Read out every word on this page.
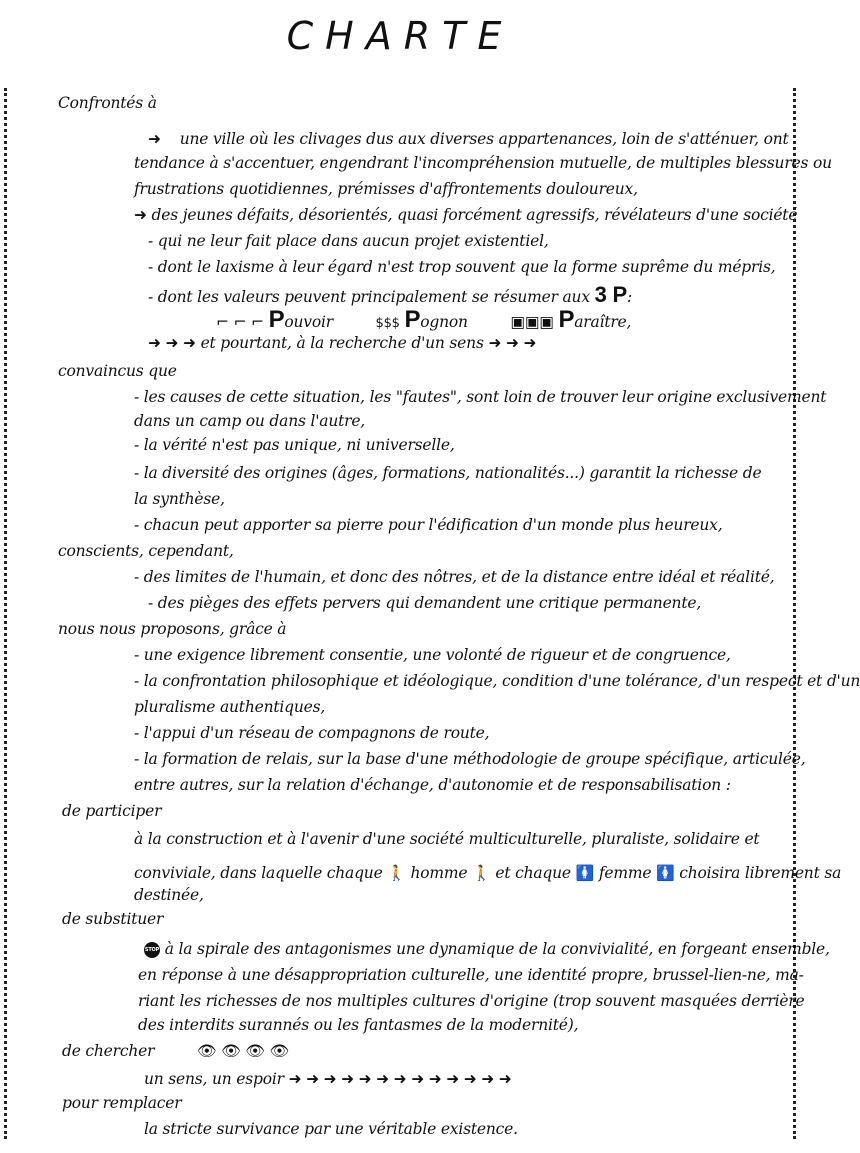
CHARTE
Confrontés à
➜ une ville où les clivages dus aux diverses appartenances, loin de s'atténuer, ont
tendance à s'accentuer, engendrant l'incompréhension mutuelle, de multiples blessures ou
frustrations quotidiennes, prémisses d'affrontements douloureux,
➜ des jeunes défaits, désorientés, quasi forcément agressifs, révélateurs d'une société
- qui ne leur fait place dans aucun projet existentiel,
- dont le laxisme à leur égard n'est trop souvent que la forme suprême du mépris,
- dont les valeurs peuvent principalement se résumer aux 3 P:
⌐ ⌐ ⌐ Pouvoir	$$$ Pognon	▣▣▣ Paraître,
➜ ➜ ➜ et pourtant, à la recherche d'un sens ➜ ➜ ➜
convaincus que
- les causes de cette situation, les "fautes", sont loin de trouver leur origine exclusivement
dans un camp ou dans l'autre,
- la vérité n'est pas unique, ni universelle,
- la diversité des origines (âges, formations, nationalités...) garantit la richesse de
la synthèse,
- chacun peut apporter sa pierre pour l'édification d'un monde plus heureux,
conscients, cependant,
- des limites de l'humain, et donc des nôtres, et de la distance entre idéal et réalité,
- des pièges des effets pervers qui demandent une critique permanente,
nous nous proposons, grâce à
- une exigence librement consentie, une volonté de rigueur et de congruence,
- la confrontation philosophique et idéologique, condition d'une tolérance, d'un respect et d'un
pluralisme authentiques,
- l'appui d'un réseau de compagnons de route,
- la formation de relais, sur la base d'une méthodologie de groupe spécifique, articulée,
entre autres, sur la relation d'échange, d'autonomie et de responsabilisation :
de participer
à la construction et à l'avenir d'une société multiculturelle, pluraliste, solidaire et
conviviale, dans laquelle chaque 🚶 homme 🚶 et chaque 🚺 femme 🚺 choisira librement sa
destinée,
de substituer
STOP à la spirale des antagonismes une dynamique de la convivialité, en forgeant ensemble,
en réponse à une désappropriation culturelle, une identité propre, brussel-lien-ne, ma-
riant les richesses de nos multiples cultures d'origine (trop souvent masquées derrière
des interdits surannés ou les fantasmes de la modernité),
de chercher	👁 👁 👁 👁
un sens, un espoir ➜ ➜ ➜ ➜ ➜ ➜ ➜ ➜ ➜ ➜ ➜ ➜ ➜
pour remplacer
la stricte survivance par une véritable existence.
